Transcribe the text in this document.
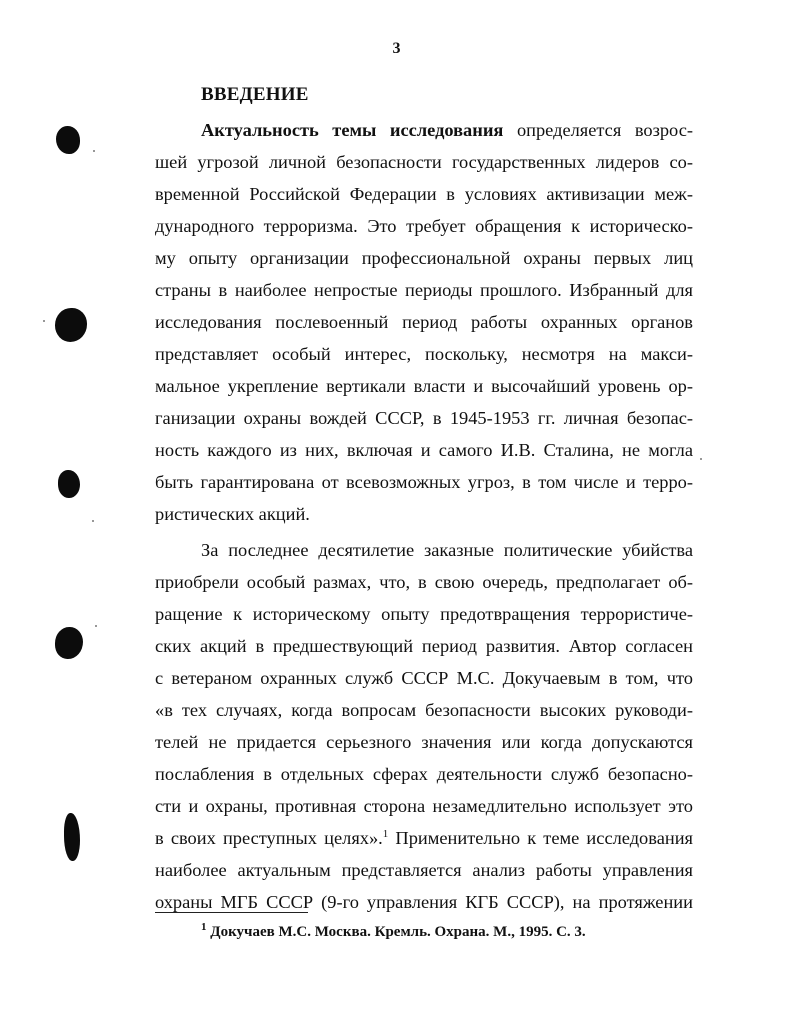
3
ВВЕДЕНИЕ
Актуальность темы исследования определяется возрос-
шей угрозой личной безопасности государственных лидеров со-
временной Российской Федерации в условиях активизации меж-
дународного терроризма. Это требует обращения к историческо-
му опыту организации профессиональной охраны первых лиц
страны в наиболее непростые периоды прошлого. Избранный для
исследования послевоенный период работы охранных органов
представляет особый интерес, поскольку, несмотря на макси-
мальное укрепление вертикали власти и высочайший уровень ор-
ганизации охраны вождей СССР, в 1945-1953 гг. личная безопас-
ность каждого из них, включая и самого И.В. Сталина, не могла
быть гарантирована от всевозможных угроз, в том числе и терро-
ристических акций.
За последнее десятилетие заказные политические убийства
приобрели особый размах, что, в свою очередь, предполагает об-
ращение к историческому опыту предотвращения террористиче-
ских акций в предшествующий период развития. Автор согласен
с ветераном охранных служб СССР М.С. Докучаевым в том, что
«в тех случаях, когда вопросам безопасности высоких руководи-
телей не придается серьезного значения или когда допускаются
послабления в отдельных сферах деятельности служб безопасно-
сти и охраны, противная сторона незамедлительно использует это
в своих преступных целях».$^1$ Применительно к теме исследования
наиболее актуальным представляется анализ работы управления
охраны МГБ СССР (9-го управления КГБ СССР), на протяжении
$^1$ Докучаев М.С. Москва. Кремль. Охрана. М., 1995. С. 3.
